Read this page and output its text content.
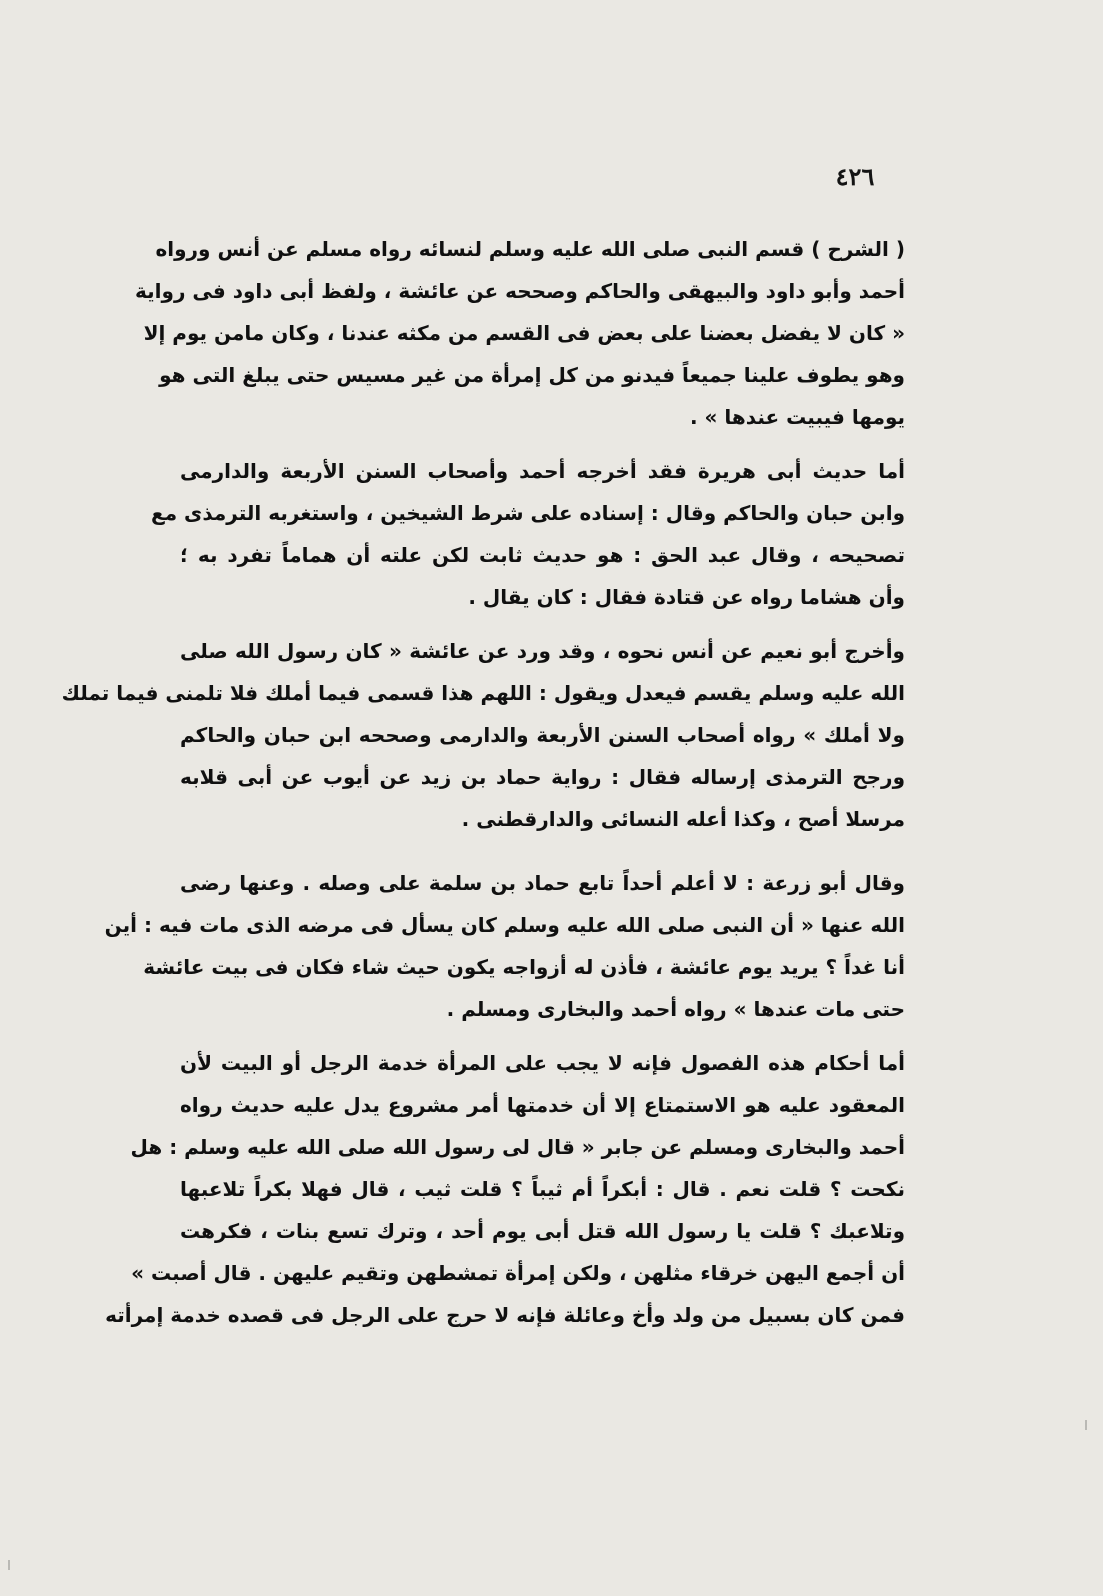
٤٢٦
( الشرح ) قسم النبى صلى الله عليه وسلم لنسائه رواه مسلم عن أنس ورواه
أحمد وأبو داود والبيهقى والحاكم وصححه عن عائشة ، ولفظ أبى داود فى رواية
« كان لا يفضل بعضنا على بعض فى القسم من مكثه عندنا ، وكان مامن يوم إلا
وهو يطوف علينا جميعاً فيدنو من كل إمرأة من غير مسيس حتى يبلغ التى هو
يومها فيبيت عندها » .
أما حديث أبى هريرة فقد أخرجه أحمد وأصحاب السنن الأربعة والدارمى
وابن حبان والحاكم وقال : إسناده على شرط الشيخين ، واستغربه الترمذى مع
تصحيحه ، وقال عبد الحق : هو حديث ثابت لكن علته أن هماماً تفرد به ؛
وأن هشاما رواه عن قتادة فقال : كان يقال .
وأخرج أبو نعيم عن أنس نحوه ، وقد ورد عن عائشة « كان رسول الله صلى
الله عليه وسلم يقسم فيعدل ويقول : اللهم هذا قسمى فيما أملك فلا تلمنى فيما تملك
ولا أملك » رواه أصحاب السنن الأربعة والدارمى وصححه ابن حبان والحاكم
ورجح الترمذى إرساله فقال : رواية حماد بن زيد عن أيوب عن أبى قلابه
مرسلا أصح ، وكذا أعله النسائى والدارقطنى .
وقال أبو زرعة : لا أعلم أحداً تابع حماد بن سلمة على وصله . وعنها رضى
الله عنها « أن النبى صلى الله عليه وسلم كان يسأل فى مرضه الذى مات فيه : أين
أنا غداً ؟ يريد يوم عائشة ، فأذن له أزواجه يكون حيث شاء فكان فى بيت عائشة
حتى مات عندها » رواه أحمد والبخارى ومسلم .
أما أحكام هذه الفصول فإنه لا يجب على المرأة خدمة الرجل أو البيت لأن
المعقود عليه هو الاستمتاع إلا أن خدمتها أمر مشروع يدل عليه حديث رواه
أحمد والبخارى ومسلم عن جابر « قال لى رسول الله صلى الله عليه وسلم : هل
نكحت ؟ قلت نعم . قال : أبكراً أم ثيباً ؟ قلت ثيب ، قال فهلا بكراً تلاعبها
وتلاعبك ؟ قلت يا رسول الله قتل أبى يوم أحد ، وترك تسع بنات ، فكرهت
أن أجمع اليهن خرقاء مثلهن ، ولكن إمرأة تمشطهن وتقيم عليهن . قال أصبت »
فمن كان بسبيل من ولد وأخ وعائلة فإنه لا حرج على الرجل فى قصده خدمة إمرأته
